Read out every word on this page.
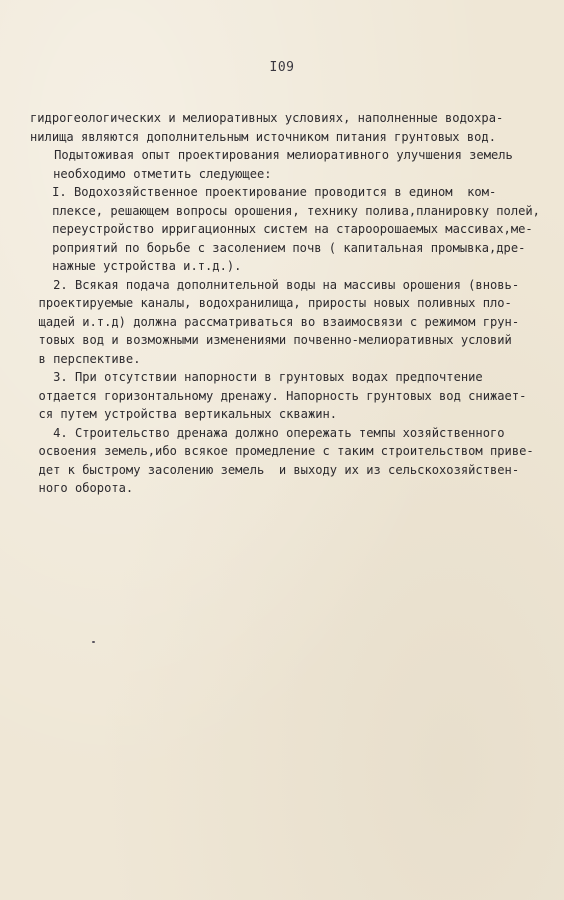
I09
гидрогеологических и мелиоративных условиях, наполненные водохра-
нилища являются дополнительным источником питания грунтовых вод.
Подытоживая опыт проектирования мелиоративного улучшения земель
необходимо отметить следующее:
I. Водохозяйственное проектирование проводится в едином  ком-
плексе, решающем вопросы орошения, технику полива,планировку полей,
переустройство ирригационных систем на староорошаемых массивах,ме-
роприятий по борьбе с засолением почв ( капитальная промывка,дре-
нажные устройства и.т.д.).
2. Всякая подача дополнительной воды на массивы орошения (вновь-
проектируемые каналы, водохранилища, приросты новых поливных пло-
щадей и.т.д) должна рассматриваться во взаимосвязи с режимом грун-
товых вод и возможными изменениями почвенно-мелиоративных условий
в перспективе.
3. При отсутствии напорности в грунтовых водах предпочтение
отдается горизонтальному дренажу. Напорность грунтовых вод снижает-
ся путем устройства вертикальных скважин.
4. Строительство дренажа должно опережать темпы хозяйственного
освоения земель,ибо всякое промедление с таким строительством приве-
дет к быстрому засолению земель  и выходу их из сельскохозяйствен-
ного оборота.
